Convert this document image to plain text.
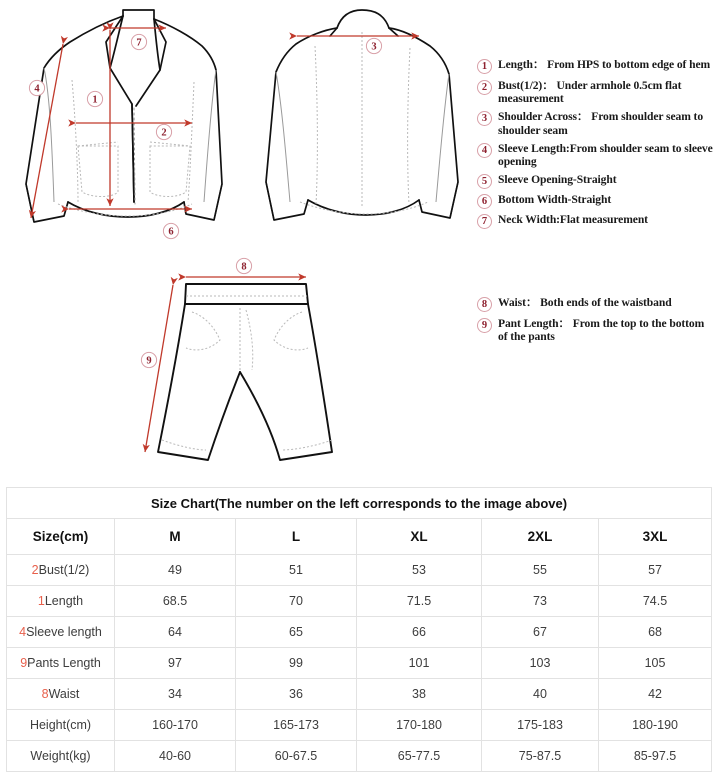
7
4
1
2
6
3
8
9
1 Length： From HPS to bottom edge of hem
2 Bust(1/2)： Under armhole 0.5cm flat measurement
3 Shoulder Across： From shoulder seam to shoulder seam
4 Sleeve Length:From shoulder seam to sleeve opening
5 Sleeve Opening-Straight
6 Bottom Width-Straight
7 Neck Width:Flat measurement
8 Waist： Both ends of the waistband
9 Pant Length： From the top to the bottom of the pants
Size Chart(The number on the left corresponds to the image above)					
Size(cm)	M	L	XL	2XL	3XL
2Bust(1/2)	49	51	53	55	57
1Length	68.5	70	71.5	73	74.5
4Sleeve length	64	65	66	67	68
9Pants Length	97	99	101	103	105
8Waist	34	36	38	40	42
Height(cm)	160-170	165-173	170-180	175-183	180-190
Weight(kg)	40-60	60-67.5	65-77.5	75-87.5	85-97.5
